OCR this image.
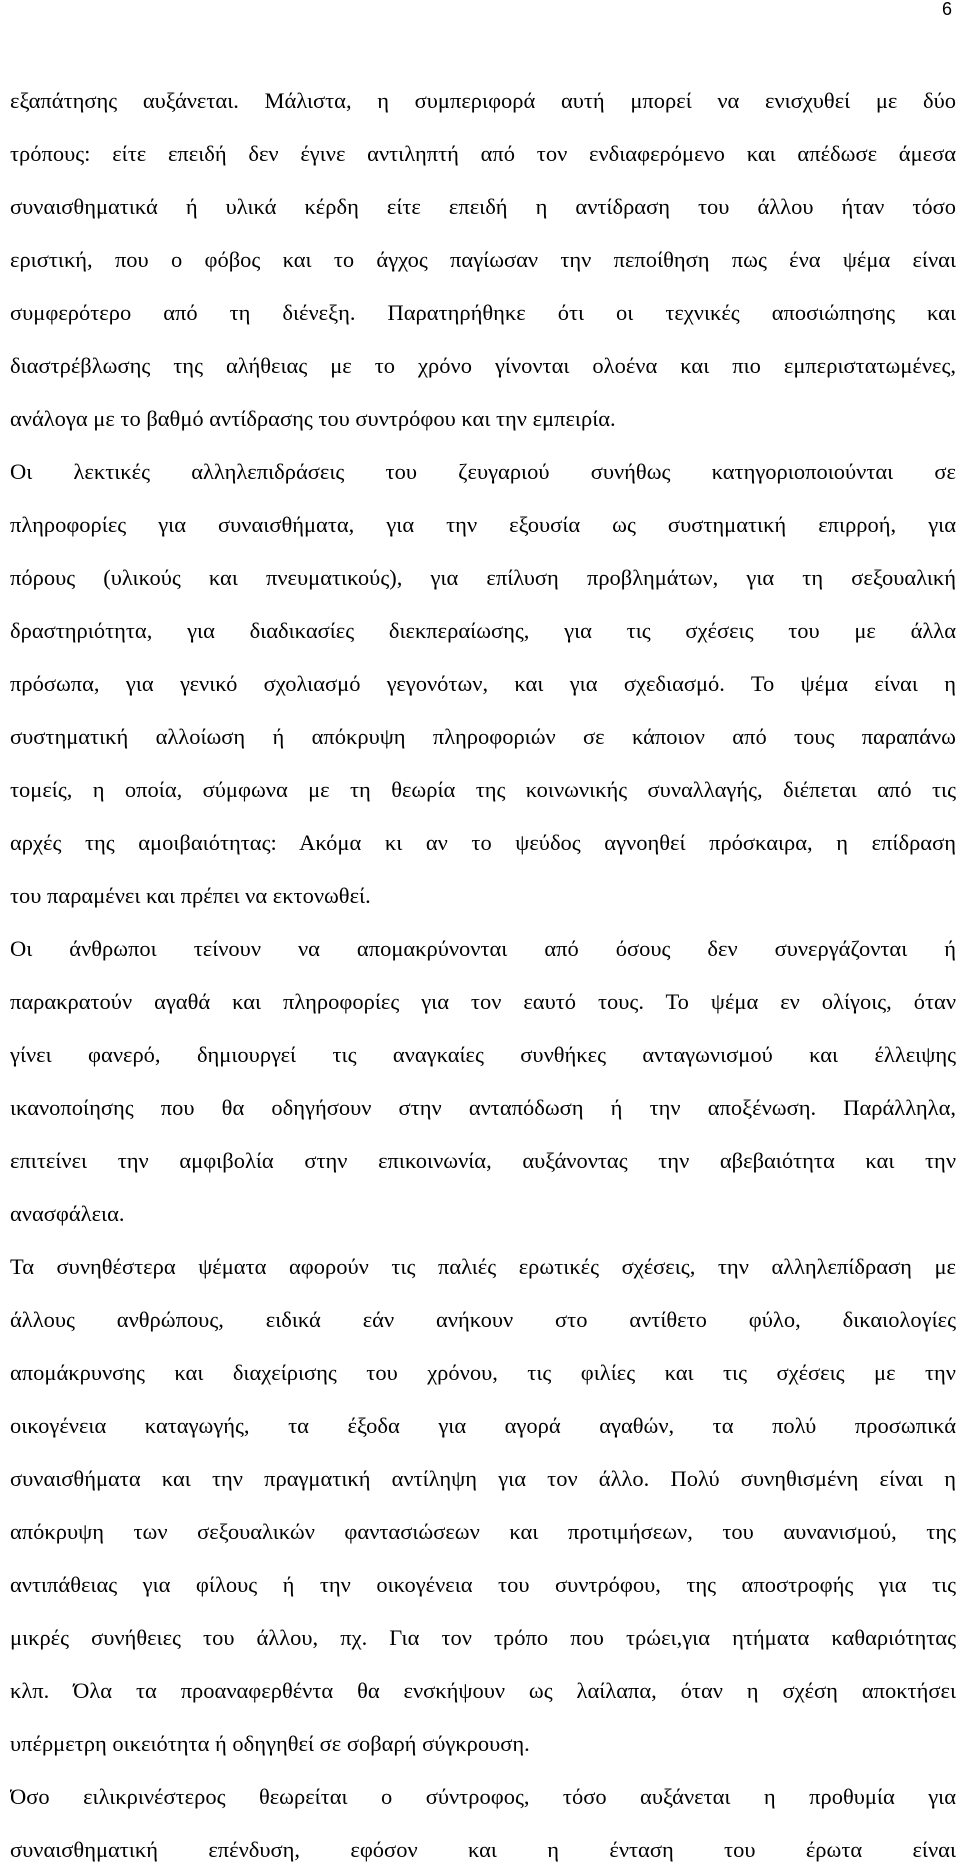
6
εξαπάτησης αυξάνεται. Μάλιστα, η συμπεριφορά αυτή μπορεί να ενισχυθεί με δύο
τρόπους: είτε επειδή δεν έγινε αντιληπτή από τον ενδιαφερόμενο και απέδωσε άμεσα
συναισθηματικά ή υλικά κέρδη είτε επειδή η αντίδραση του άλλου ήταν τόσο
εριστική, που ο φόβος και το άγχος παγίωσαν την πεποίθηση πως ένα ψέμα είναι
συμφερότερο από τη διένεξη. Παρατηρήθηκε ότι οι τεχνικές αποσιώπησης και
διαστρέβλωσης της αλήθειας με το χρόνο γίνονται ολοένα και πιο εμπεριστατωμένες,
ανάλογα με το βαθμό αντίδρασης του συντρόφου και την εμπειρία.
Οι λεκτικές αλληλεπιδράσεις του ζευγαριού συνήθως κατηγοριοποιούνται σε
πληροφορίες για συναισθήματα, για την εξουσία ως συστηματική επιρροή, για
πόρους (υλικούς και πνευματικούς), για επίλυση προβλημάτων, για τη σεξουαλική
δραστηριότητα, για διαδικασίες διεκπεραίωσης, για τις σχέσεις του με άλλα
πρόσωπα, για γενικό σχολιασμό γεγονότων, και για σχεδιασμό. Το ψέμα είναι η
συστηματική αλλοίωση ή απόκρυψη πληροφοριών σε κάποιον από τους παραπάνω
τομείς, η οποία, σύμφωνα με τη θεωρία της κοινωνικής συναλλαγής, διέπεται από τις
αρχές της αμοιβαιότητας: Ακόμα κι αν το ψεύδος αγνοηθεί πρόσκαιρα, η επίδραση
του παραμένει και πρέπει να εκτονωθεί.
Οι άνθρωποι τείνουν να απομακρύνονται από όσους δεν συνεργάζονται ή
παρακρατούν αγαθά και πληροφορίες για τον εαυτό τους. Το ψέμα εν ολίγοις, όταν
γίνει φανερό, δημιουργεί τις αναγκαίες συνθήκες ανταγωνισμού και έλλειψης
ικανοποίησης που θα οδηγήσουν στην ανταπόδωση ή την αποξένωση. Παράλληλα,
επιτείνει την αμφιβολία στην επικοινωνία, αυξάνοντας την αβεβαιότητα και την
ανασφάλεια.
Τα συνηθέστερα ψέματα αφορούν τις παλιές ερωτικές σχέσεις, την αλληλεπίδραση με
άλλους ανθρώπους, ειδικά εάν ανήκουν στο αντίθετο φύλο, δικαιολογίες
απομάκρυνσης και διαχείρισης του χρόνου, τις φιλίες και τις σχέσεις με την
οικογένεια καταγωγής, τα έξοδα για αγορά αγαθών, τα πολύ προσωπικά
συναισθήματα και την πραγματική αντίληψη για τον άλλο. Πολύ συνηθισμένη είναι η
απόκρυψη των σεξουαλικών φαντασιώσεων και προτιμήσεων, του αυνανισμού, της
αντιπάθειας για φίλους ή την οικογένεια του συντρόφου, της αποστροφής για τις
μικρές συνήθειες του άλλου, πχ. Για τον τρόπο που τρώει,για ητήματα καθαριότητας
κλπ. Όλα τα προαναφερθέντα θα ενσκήψουν ως λαίλαπα, όταν η σχέση αποκτήσει
υπέρμετρη οικειότητα ή οδηγηθεί σε σοβαρή σύγκρουση.
Όσο ειλικρινέστερος θεωρείται ο σύντροφος, τόσο αυξάνεται η προθυμία για
συναισθηματική επένδυση, εφόσον και η ένταση του έρωτα είναι
